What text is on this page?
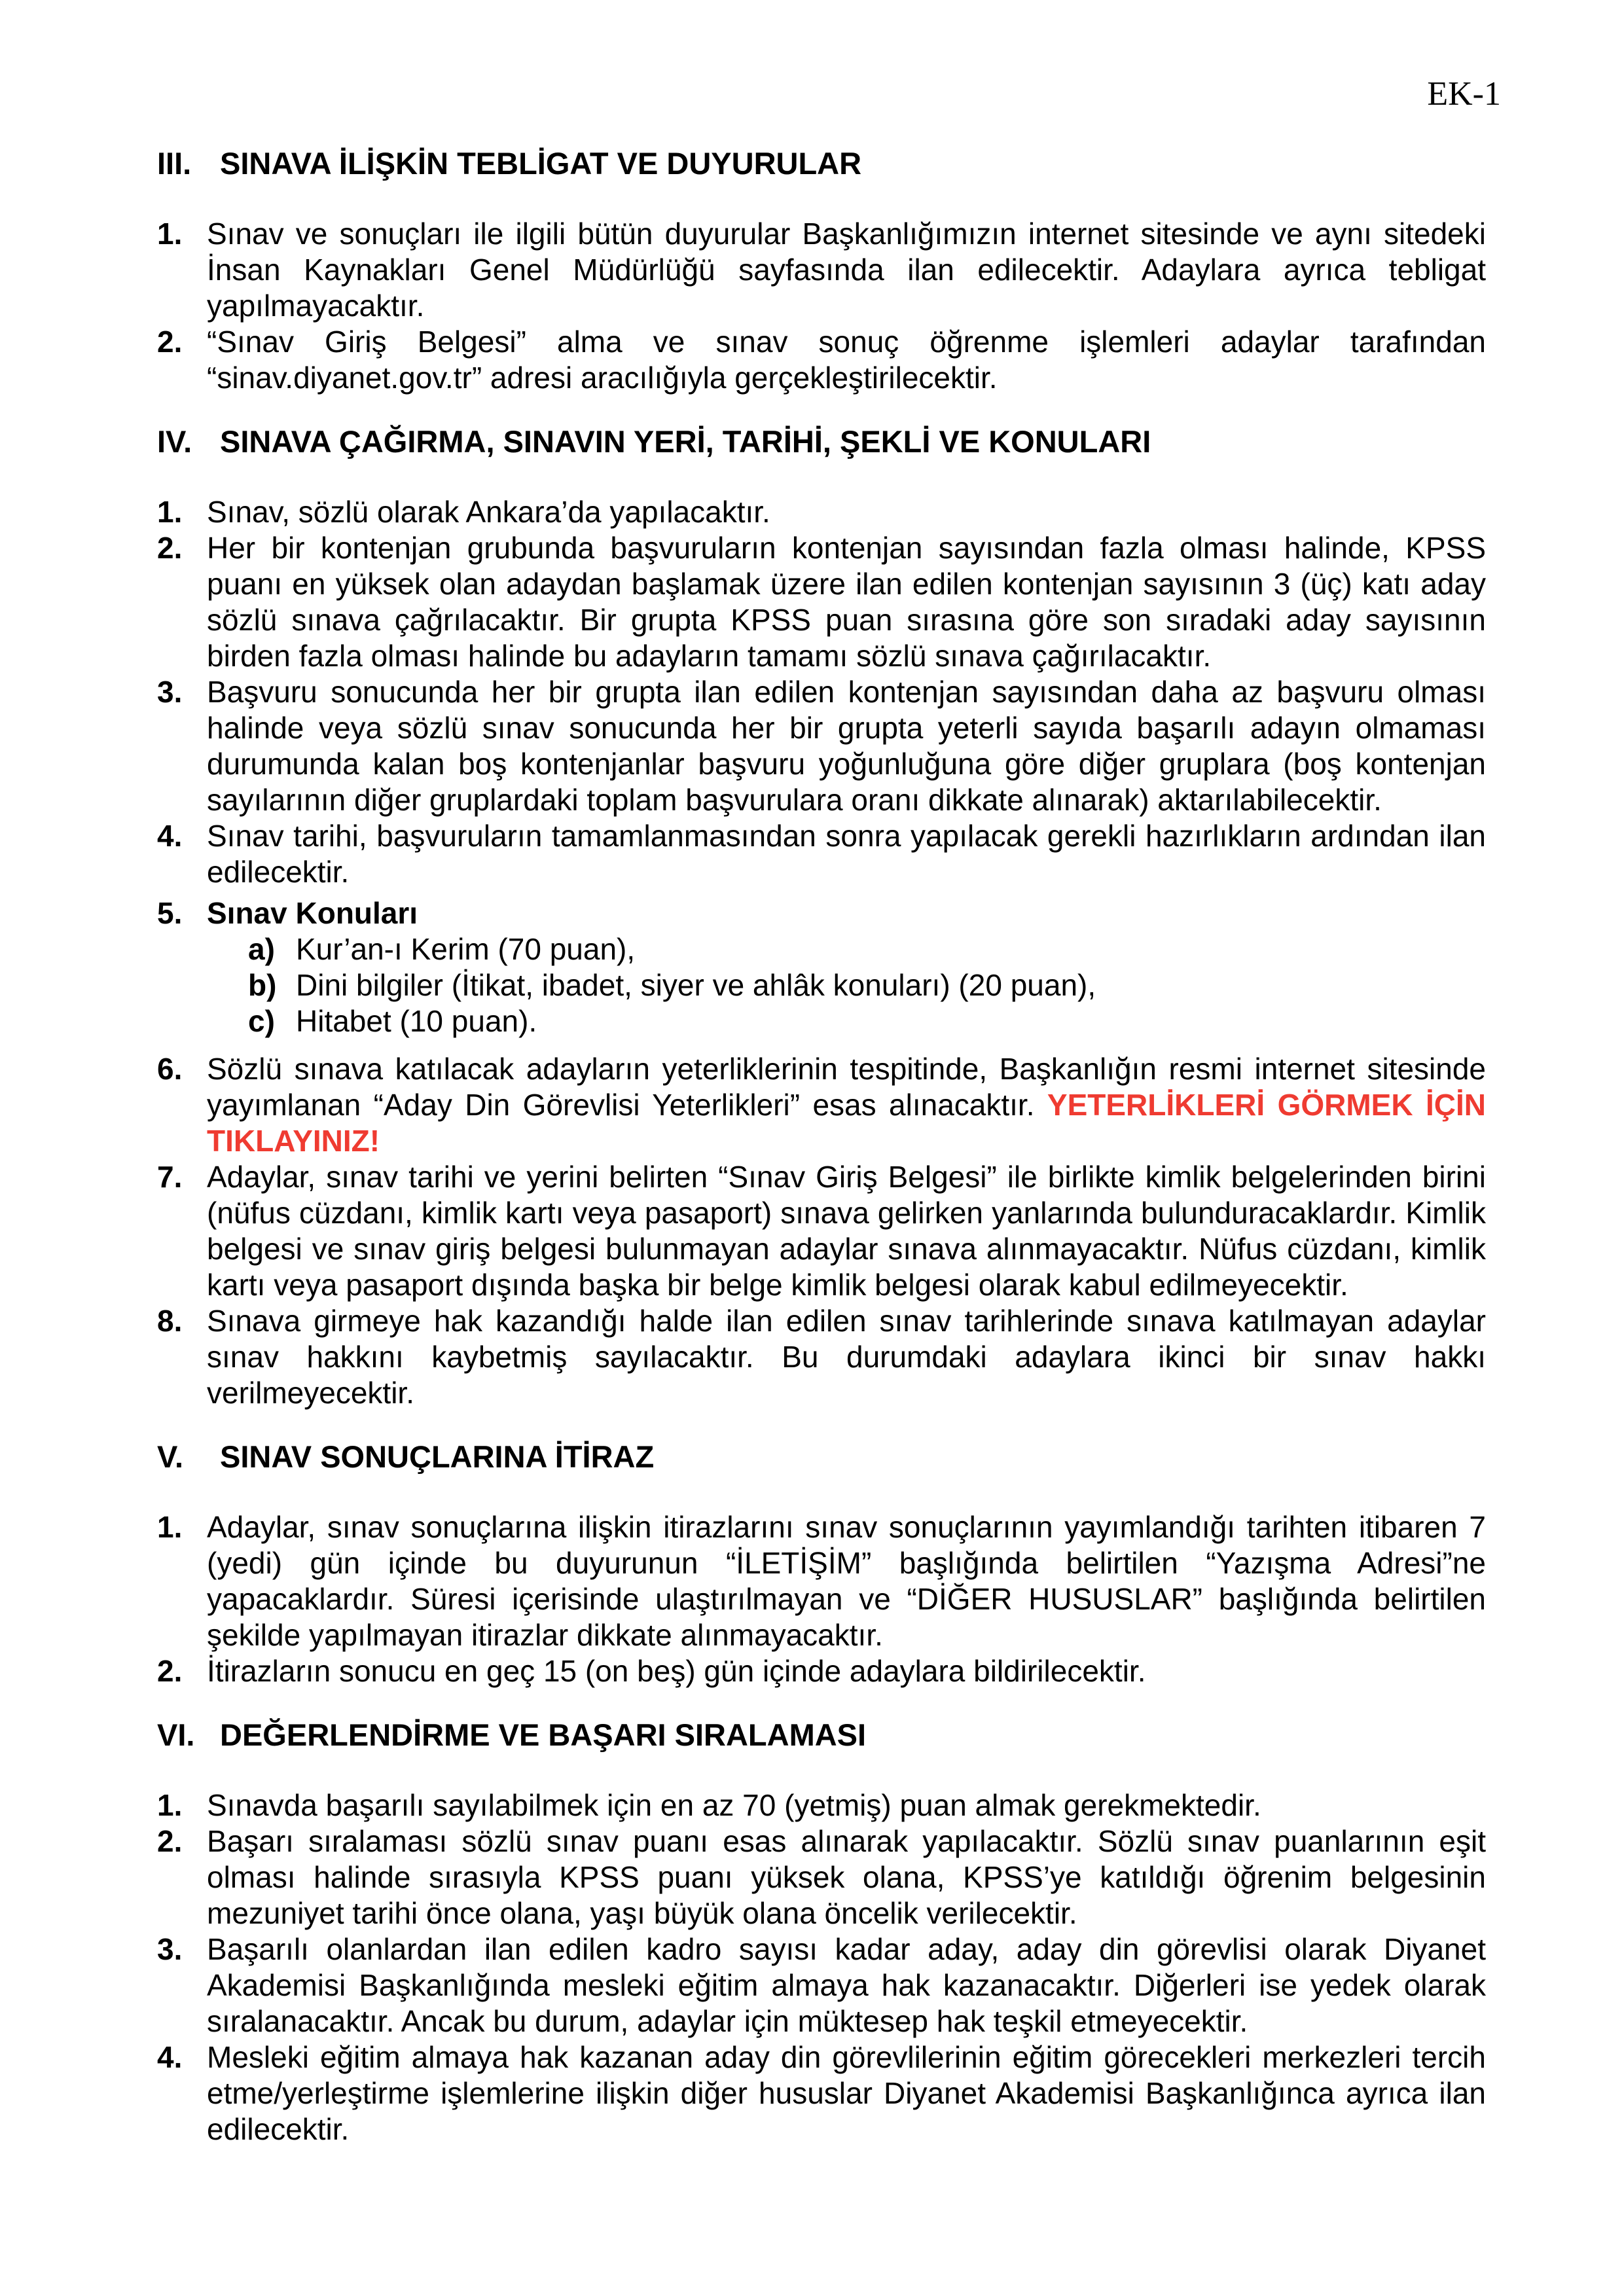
EK-1
III. SINAVA İLİŞKİN TEBLİGAT VE DUYURULAR
1. Sınav ve sonuçları ile ilgili bütün duyurular Başkanlığımızın internet sitesinde ve aynı sitedeki İnsan Kaynakları Genel Müdürlüğü sayfasında ilan edilecektir. Adaylara ayrıca tebligat yapılmayacaktır.
2. “Sınav Giriş Belgesi” alma ve sınav sonuç öğrenme işlemleri adaylar tarafından “sinav.diyanet.gov.tr” adresi aracılığıyla gerçekleştirilecektir.
IV. SINAVA ÇAĞIRMA, SINAVIN YERİ, TARİHİ, ŞEKLİ VE KONULARI
1. Sınav, sözlü olarak Ankara’da yapılacaktır.
2. Her bir kontenjan grubunda başvuruların kontenjan sayısından fazla olması halinde, KPSS puanı en yüksek olan adaydan başlamak üzere ilan edilen kontenjan sayısının 3 (üç) katı aday sözlü sınava çağrılacaktır. Bir grupta KPSS puan sırasına göre son sıradaki aday sayısının birden fazla olması halinde bu adayların tamamı sözlü sınava çağırılacaktır.
3. Başvuru sonucunda her bir grupta ilan edilen kontenjan sayısından daha az başvuru olması halinde veya sözlü sınav sonucunda her bir grupta yeterli sayıda başarılı adayın olmaması durumunda kalan boş kontenjanlar başvuru yoğunluğuna göre diğer gruplara (boş kontenjan sayılarının diğer gruplardaki toplam başvurulara oranı dikkate alınarak) aktarılabilecektir.
4. Sınav tarihi, başvuruların tamamlanmasından sonra yapılacak gerekli hazırlıkların ardından ilan edilecektir.
5. Sınav Konuları
a) Kur’an-ı Kerim (70 puan),
b) Dini bilgiler (İtikat, ibadet, siyer ve ahlâk konuları) (20 puan),
c) Hitabet (10 puan).
6. Sözlü sınava katılacak adayların yeterliklerinin tespitinde, Başkanlığın resmi internet sitesinde yayımlanan “Aday Din Görevlisi Yeterlikleri” esas alınacaktır. YETERLİKLERİ GÖRMEK İÇİN TIKLAYINIZ!
7. Adaylar, sınav tarihi ve yerini belirten “Sınav Giriş Belgesi” ile birlikte kimlik belgelerinden birini (nüfus cüzdanı, kimlik kartı veya pasaport) sınava gelirken yanlarında bulunduracaklardır. Kimlik belgesi ve sınav giriş belgesi bulunmayan adaylar sınava alınmayacaktır. Nüfus cüzdanı, kimlik kartı veya pasaport dışında başka bir belge kimlik belgesi olarak kabul edilmeyecektir.
8. Sınava girmeye hak kazandığı halde ilan edilen sınav tarihlerinde sınava katılmayan adaylar sınav hakkını kaybetmiş sayılacaktır. Bu durumdaki adaylara ikinci bir sınav hakkı verilmeyecektir.
V. SINAV SONUÇLARINA İTİRAZ
1. Adaylar, sınav sonuçlarına ilişkin itirazlarını sınav sonuçlarının yayımlandığı tarihten itibaren 7 (yedi) gün içinde bu duyurunun “İLETİŞİM” başlığında belirtilen “Yazışma Adresi”ne yapacaklardır. Süresi içerisinde ulaştırılmayan ve “DİĞER HUSUSLAR” başlığında belirtilen şekilde yapılmayan itirazlar dikkate alınmayacaktır.
2. İtirazların sonucu en geç 15 (on beş) gün içinde adaylara bildirilecektir.
VI. DEĞERLENDİRME VE BAŞARI SIRALAMASI
1. Sınavda başarılı sayılabilmek için en az 70 (yetmiş) puan almak gerekmektedir.
2. Başarı sıralaması sözlü sınav puanı esas alınarak yapılacaktır. Sözlü sınav puanlarının eşit olması halinde sırasıyla KPSS puanı yüksek olana, KPSS’ye katıldığı öğrenim belgesinin mezuniyet tarihi önce olana, yaşı büyük olana öncelik verilecektir.
3. Başarılı olanlardan ilan edilen kadro sayısı kadar aday, aday din görevlisi olarak Diyanet Akademisi Başkanlığında mesleki eğitim almaya hak kazanacaktır. Diğerleri ise yedek olarak sıralanacaktır. Ancak bu durum, adaylar için müktesep hak teşkil etmeyecektir.
4. Mesleki eğitim almaya hak kazanan aday din görevlilerinin eğitim görecekleri merkezleri tercih etme/yerleştirme işlemlerine ilişkin diğer hususlar Diyanet Akademisi Başkanlığınca ayrıca ilan edilecektir.
